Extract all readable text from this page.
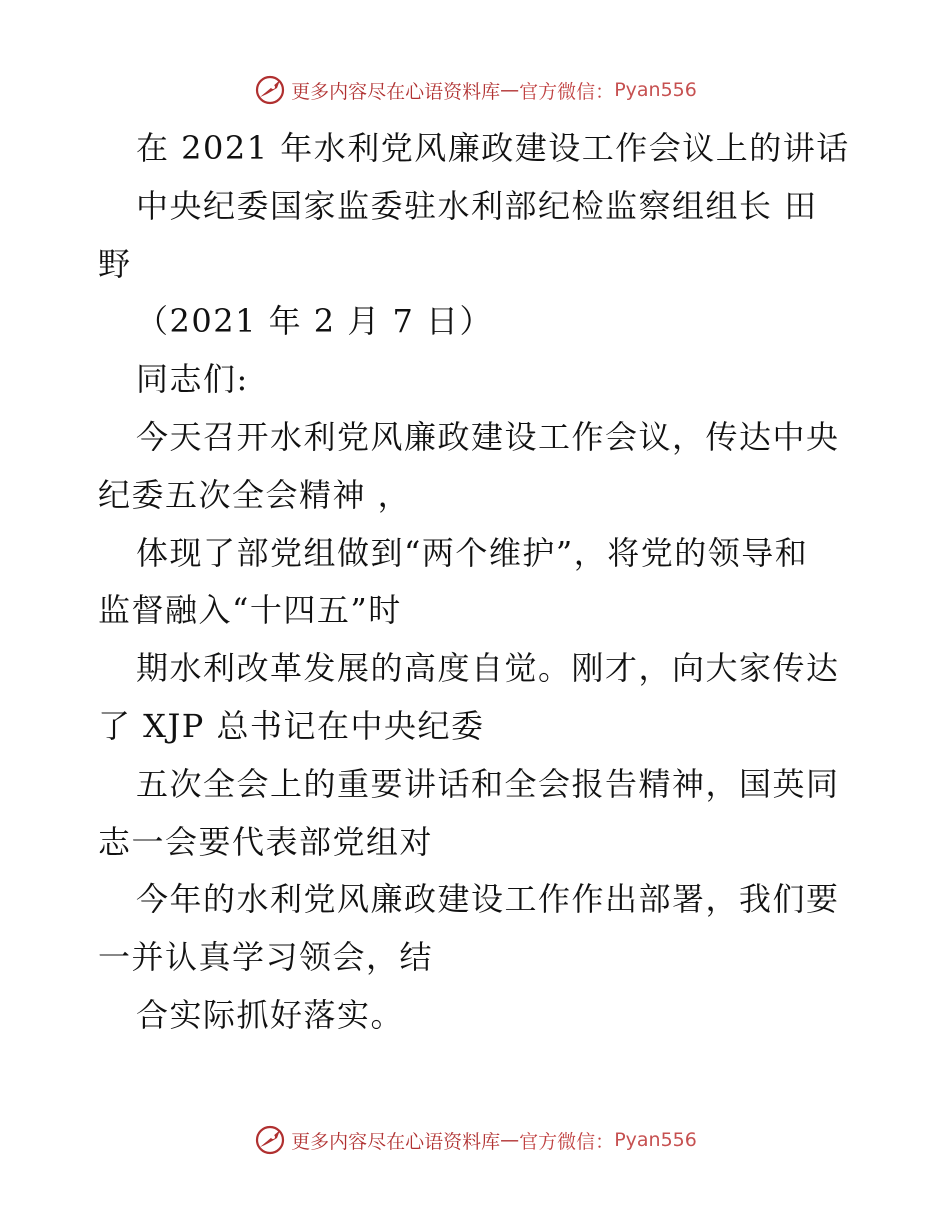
更多内容尽在心语资料库 — 官方微信： Pyan556
在 2021 年水利党风廉政建设工作会议上的讲话
中央纪委国家监委驻水利部纪检监察组组长 田
野
（2021 年 2 月 7 日）
同志们:
今天召开水利党风廉政建设工作会议，传达中央
纪委五次全会精神 ，
体现了部党组做到“两个维护”，将党的领导和
监督融入“十四五”时
期水利改革发展的高度自觉。刚才，向大家传达
了 XJP 总书记在中央纪委
五次全会上的重要讲话和全会报告精神，国英同
志一会要代表部党组对
今年的水利党风廉政建设工作作出部署，我们要
一并认真学习领会，结
合实际抓好落实。
更多内容尽在心语资料库 — 官方微信： Pyan556
